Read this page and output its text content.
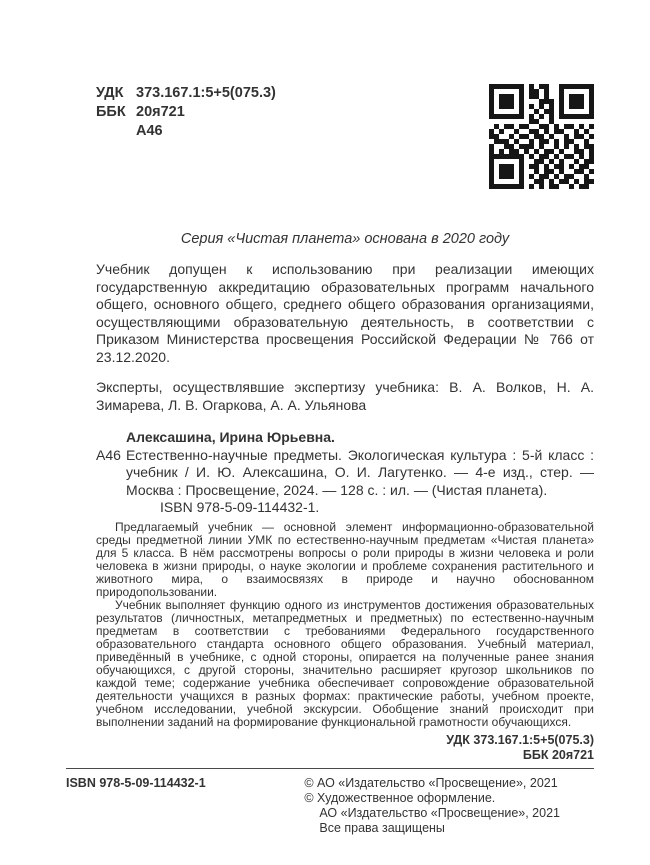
УДК 373.167.1:5+5(075.3)
ББК 20я721
А46
Серия «Чистая планета» основана в 2020 году

Учебник допущен к использованию при реализации имеющих государственную аккредитацию образовательных программ начального общего, основного общего, среднего общего образования организациями, осуществляющими образовательную деятельность, в соответствии с Приказом Министерства просвещения Российской Федерации № 766 от 23.12.2020.

Эксперты, осуществлявшие экспертизу учебника: В. А. Волков, Н. А. Зимарева, Л. В. Огаркова, А. А. Ульянова

Алексашина, Ирина Юрьевна.
А46 Естественно-научные предметы. Экологическая культура : 5-й класс : учебник / И. Ю. Алексашина, О. И. Лагутенко. — 4-е изд., стер. — Москва : Просвещение, 2024. — 128 с. : ил. — (Чистая планета).
ISBN 978-5-09-114432-1.

Предлагаемый учебник — основной элемент информационно-образовательной среды предметной линии УМК по естественно-научным предметам «Чистая планета» для 5 класса. В нём рассмотрены вопросы о роли природы в жизни человека и роли человека в жизни природы, о науке экологии и проблеме сохранения растительного и животного мира, о взаимосвязях в природе и научно обоснованном природопользовании.

Учебник выполняет функцию одного из инструментов достижения образовательных результатов (личностных, метапредметных и предметных) по естественно-научным предметам в соответствии с требованиями Федерального государственного образовательного стандарта основного общего образования. Учебный материал, приведённый в учебнике, с одной стороны, опирается на полученные ранее знания обучающихся, с другой стороны, значительно расширяет кругозор школьников по каждой теме; содержание учебника обеспечивает сопровождение образовательной деятельности учащихся в разных формах: практические работы, учебном проекте, учебном исследовании, учебной экскурсии. Обобщение знаний происходит при выполнении заданий на формирование функциональной грамотности обучающихся.

УДК 373.167.1:5+5(075.3)
ББК 20я721
ISBN 978-5-09-114432-1	© АО «Издательство «Просвещение», 2021
© Художественное оформление.
АО «Издательство «Просвещение», 2021
Все права защищены
